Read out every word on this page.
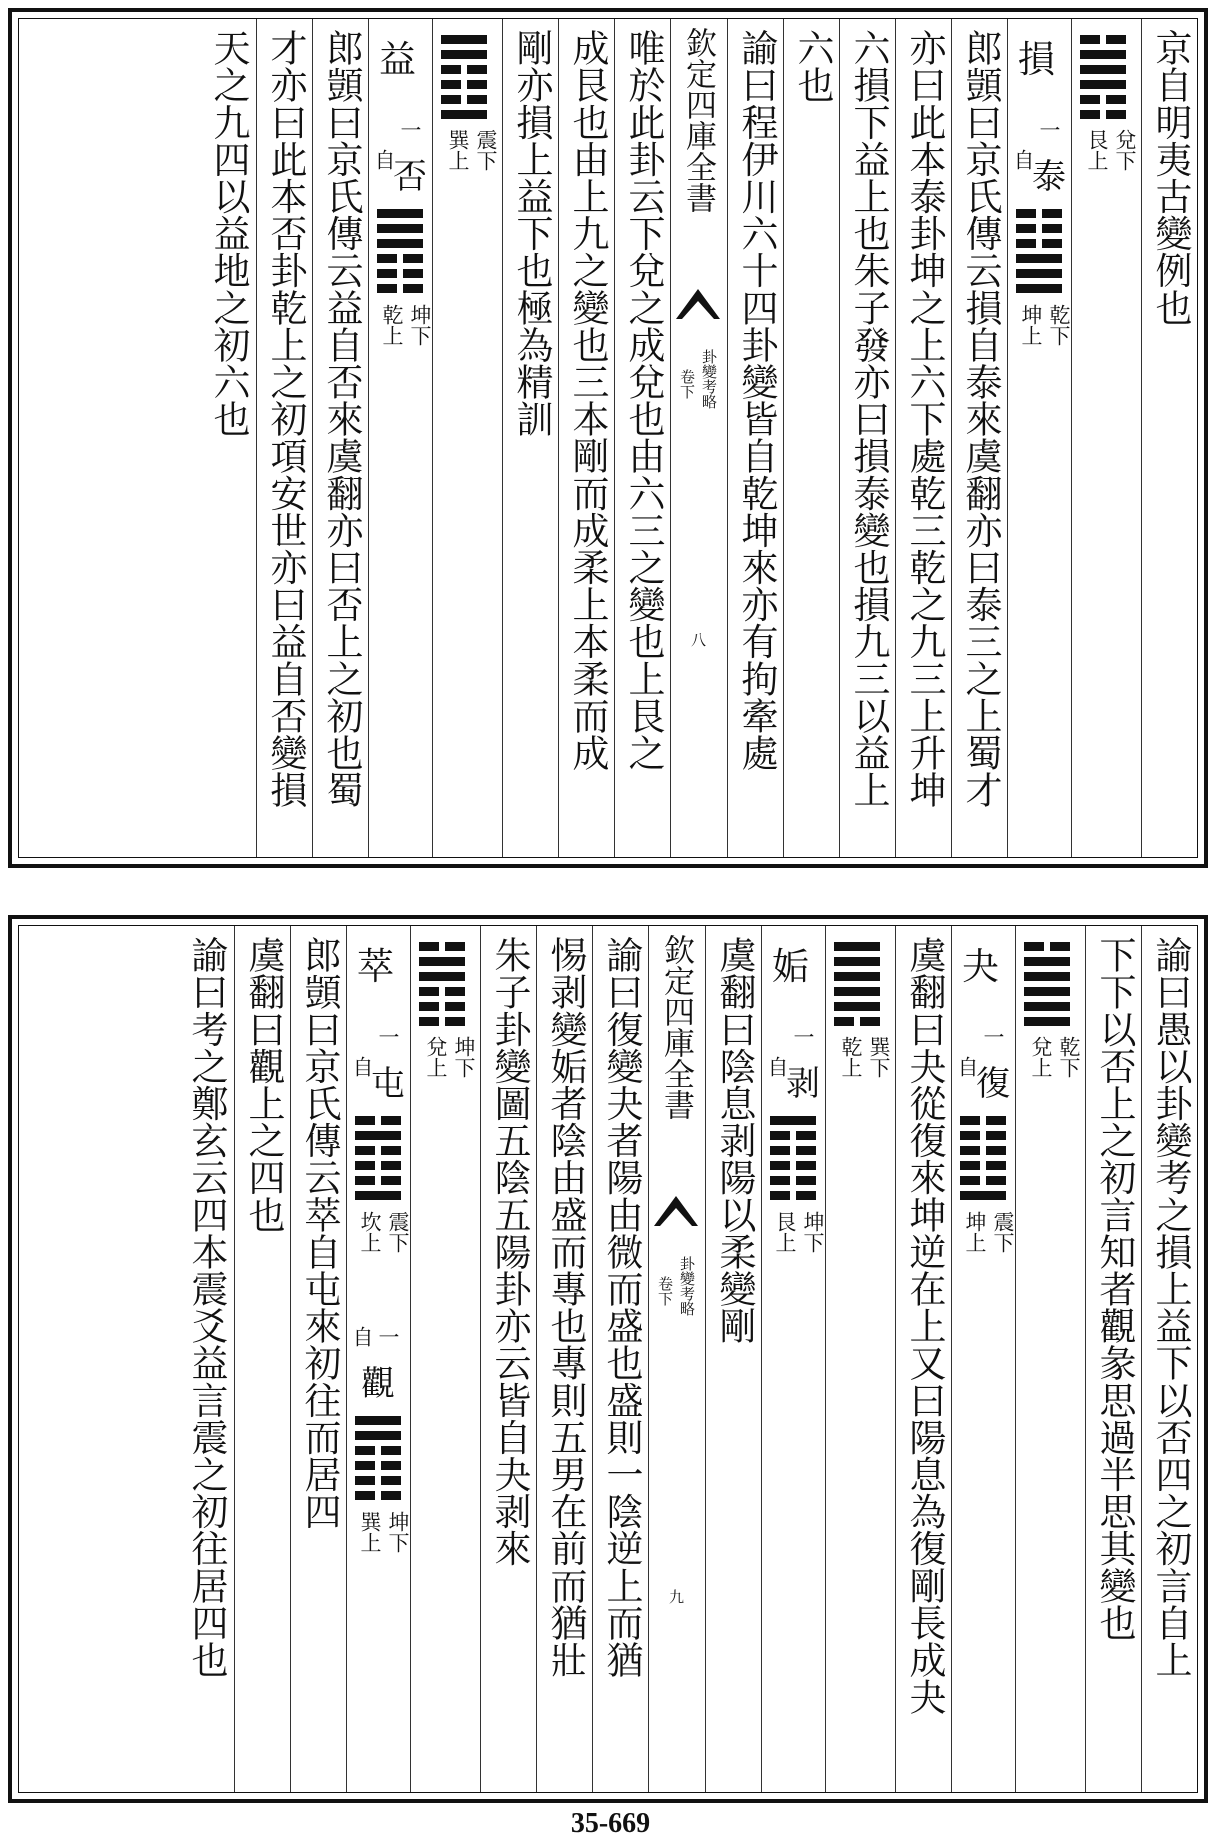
京自明夷古變例也
兌下
艮上
損
一
自
泰
乾下
坤上
郎顗曰京氏傳云損自泰來虞翻亦曰泰三之上蜀才
亦曰此本泰卦坤之上六下處乾三乾之九三上升坤
六損下益上也朱子發亦曰損泰變也損九三以益上
六也
諭曰程伊川六十四卦變皆自乾坤來亦有拘牽處
欽定四庫全書
卦變考略
卷下
八
唯於此卦云下兌之成兌也由六三之變也上艮之
成艮也由上九之變也三本剛而成柔上本柔而成
剛亦損上益下也極為精訓
震下
巽上
益
一
自
否
坤下
乾上
郎顗曰京氏傳云益自否來虞翻亦曰否上之初也蜀
才亦曰此本否卦乾上之初項安世亦曰益自否變損
天之九四以益地之初六也
諭曰愚以卦變考之損上益下以否四之初言自上
下下以否上之初言知者觀彖思過半思其變也
乾下
兌上
夬
一
自
復
震下
坤上
虞翻曰夬從復來坤逆在上又曰陽息為復剛長成夬
巽下
乾上
姤
一
自
剥
坤下
艮上
虞翻曰陰息剥陽以柔變剛
欽定四庫全書
卦變考略
卷下
九
諭曰復變夬者陽由微而盛也盛則一陰逆上而猶
惕剥變姤者陰由盛而專也專則五男在前而猶壯
朱子卦變圖五陰五陽卦亦云皆自夬剥來
坤下
兌上
萃
一
自
屯
震下
坎上
一
自
觀
坤下
巽上
郎顗曰京氏傳云萃自屯來初往而居四
虞翻曰觀上之四也
諭曰考之鄭玄云四本震爻益言震之初往居四也
35-669
